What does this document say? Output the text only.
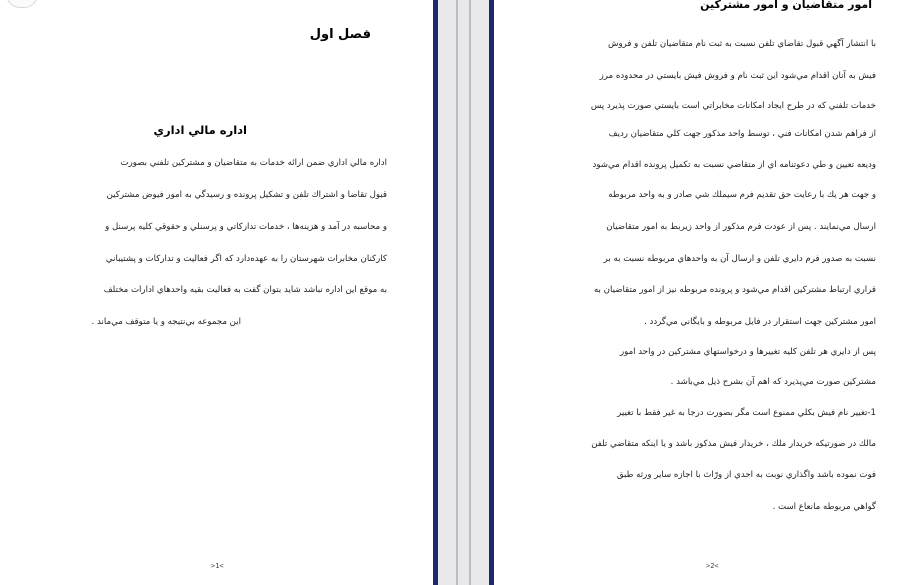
فصل اول
اداره مالي اداري
اداره مالي اداري ضمن ارائه خدمات به متقاضيان و مشتركين تلفني بصورت
قبول تقاضا و اشتراك تلفن و تشكيل پرونده و رسيدگي به امور فيوض مشتركين
و محاسبه در آمد و هزينه‌ها ، خدمات تداركاتي و پرسنلي و حقوقي كليه پرسنل و
كاركنان مخابرات شهرستان را به عهده‌دارد كه اگر فعاليت و تداركات و پشتيباني
به موقع اين اداره نباشد شايد بتوان گفت به فعاليت بقيه واحدهاي ادارات مختلف
اين مجموعه بي‌نتيجه و يا متوقف مي‌ماند .
>1<
امور متقاضيان و امور مشتركين
با انتشار آگهي قبول تقاضاي تلفن نسبت به ثبت نام متقاضيان تلفن و فروش
فيش به آنان اقدام مي‌شود اين ثبت نام و فروش فيش بايستي در محدوده مرز
خدمات تلفني كه در طرح ايجاد امكانات مخابراتي است بايستي صورت پذيرد پس
از فراهم شدن امكانات فني ، توسط واحد مذكور جهت كلي متقاضيان رديف
وديعه تعيين و طي دعوتنامه اي از متقاضي نسبت به تكميل پرونده اقدام مي‌شود
و جهت هر يك با رعايت حق تقديم فرم سيملك شي صادر و به واحد مربوطه
ارسال مي‌نمايند . پس از عودت فرم مذكور از واحد زيربط به امور متقاضيان
نسبت به صدور فرم دايري تلفن و ارسال آن به واحدهاي مربوطه نسبت به بر
قراري ارتباط مشتركين اقدام مي‌شود و پرونده مربوطه نيز از امور متقاضيان به
امور مشتركين جهت استقرار در فايل مربوطه و بايگاني مي‌گردد .
پس از دايري هر تلفن كليه تغييرها و درخواستهاي مشتركين در واحد امور
مشتركين صورت مي‌پذيرد كه اهم آن بشرح ذيل مي‌باشد .
1-تغيير نام فيش بكلي ممنوع است مگر بصورت درجا به غير فقط با تغيير
مالك در صورتيكه خريدار ملك ، خريدار فيش مذكور باشد و يا اينكه متقاضي تلفن
فوت نموده باشد واگذاري نوبت به احدي از ورّاث با اجازه ساير ورثه طبق
گواهي مربوطه مانعاع است .
>2<
